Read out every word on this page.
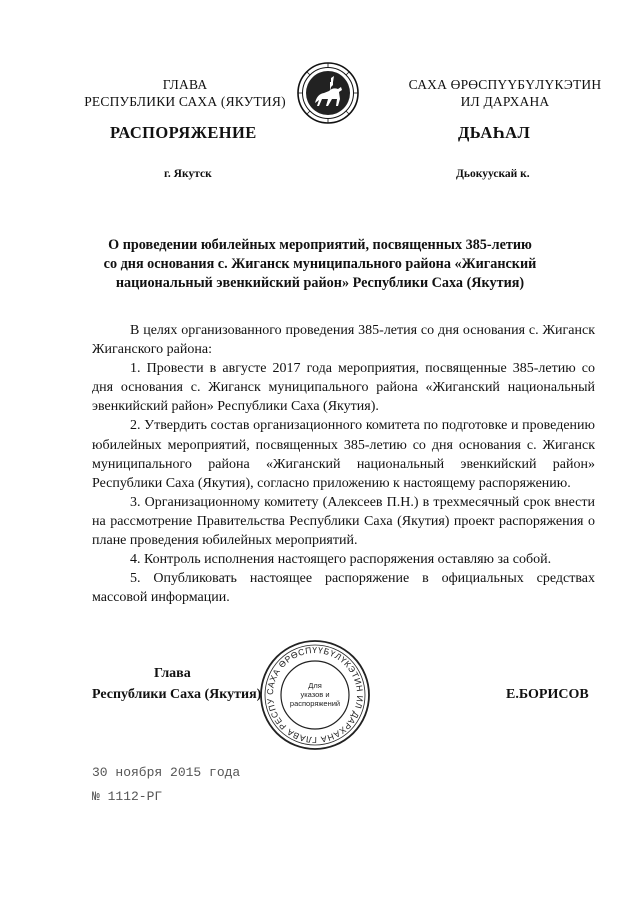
ГЛАВА
РЕСПУБЛИКИ САХА (ЯКУТИЯ)
САХА ӨРӨСПҮҮБҮЛҮКЭТИН
ИЛ ДАРХАНА
РАСПОРЯЖЕНИЕ	ДЬАҺАЛ
г. Якутск	Дьокуускай к.
О проведении юбилейных мероприятий, посвященных 385-летию
со дня основания с. Жиганск муниципального района «Жиганский
национальный эвенкийский район» Республики Саха (Якутия)

В целях организованного проведения 385-летия со дня основания с. Жиганск Жиганского района:

1. Провести в августе 2017 года мероприятия, посвященные 385-летию со дня основания с. Жиганск муниципального района «Жиганский национальный эвенкийский район» Республики Саха (Якутия).

2. Утвердить состав организационного комитета по подготовке и проведению юбилейных мероприятий, посвященных 385-летию со дня основания с. Жиганск муниципального района «Жиганский национальный эвенкийский район» Республики Саха (Якутия), согласно приложению к настоящему распоряжению.

3. Организационному комитету (Алексеев П.Н.) в трехмесячный срок внести на рассмотрение Правительства Республики Саха (Якутия) проект распоряжения о плане проведения юбилейных мероприятий.

4. Контроль исполнения настоящего распоряжения оставляю за собой.

5. Опубликовать настоящее распоряжение в официальных средствах массовой информации.

Глава
Республики Саха (Якутия)	Е.БОРИСОВ
САХА ӨРӨСПҮҮБҮЛҮКЭТИН ИЛ ДАРХАНА ГЛАВА РЕСПУ
Для
указов и
распоряжений
30 ноября 2015 года
№ 1112-РГ
